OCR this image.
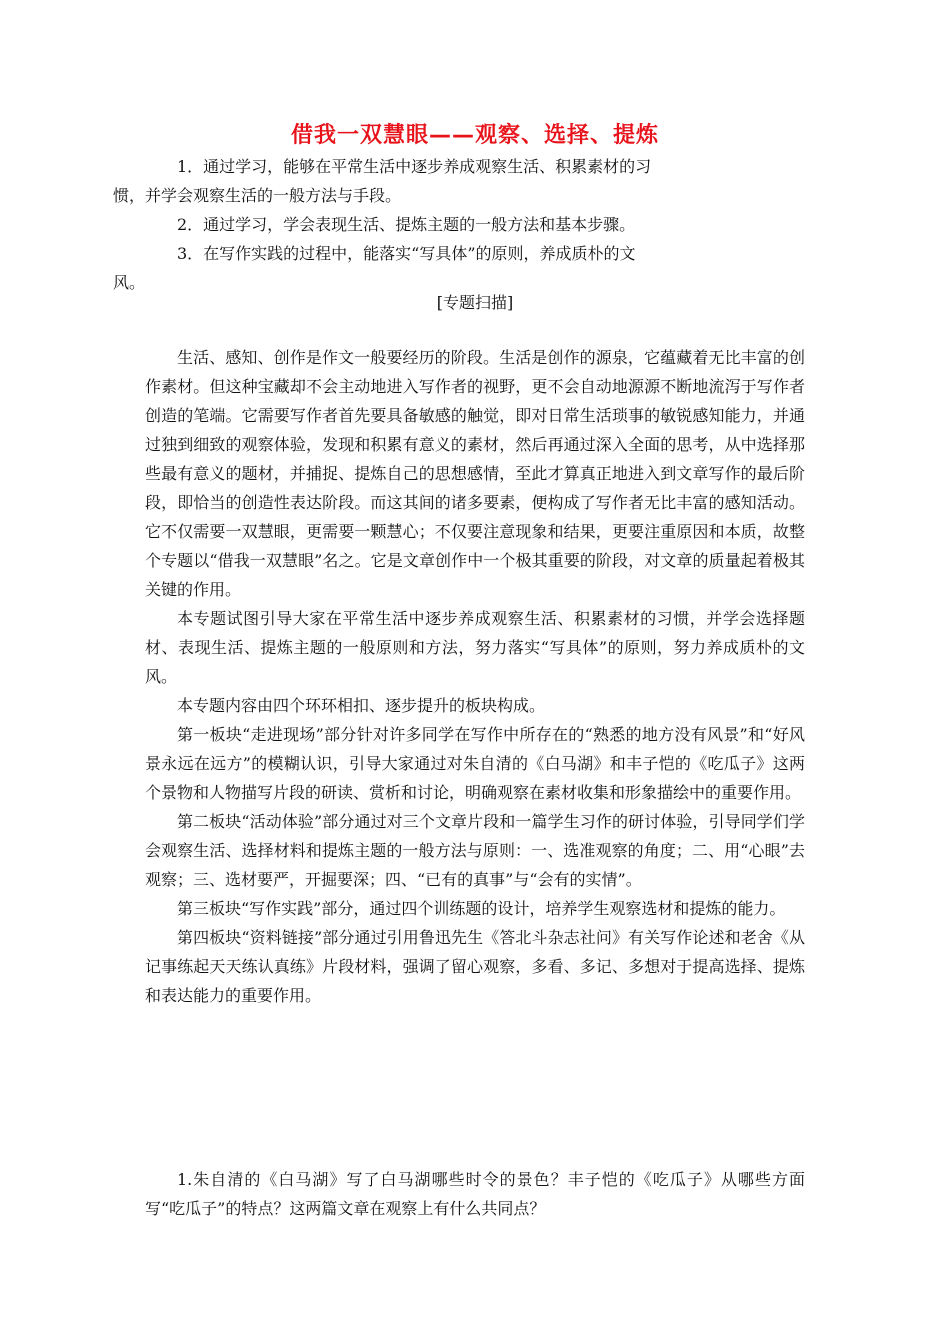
借我一双慧眼——观察、选择、提炼
1．通过学习，能够在平常生活中逐步养成观察生活、积累素材的习
惯，并学会观察生活的一般方法与手段。
2．通过学习，学会表现生活、提炼主题的一般方法和基本步骤。
3．在写作实践的过程中，能落实“写具体”的原则，养成质朴的文
风。
[专题扫描]

生活、感知、创作是作文一般要经历的阶段。生活是创作的源泉，它蕴藏着无比丰富的创作素材。但这种宝藏却不会主动地进入写作者的视野，更不会自动地源源不断地流泻于写作者创造的笔端。它需要写作者首先要具备敏感的触觉，即对日常生活琐事的敏锐感知能力，并通过独到细致的观察体验，发现和积累有意义的素材，然后再通过深入全面的思考，从中选择那些最有意义的题材，并捕捉、提炼自己的思想感情，至此才算真正地进入到文章写作的最后阶段，即恰当的创造性表达阶段。而这其间的诸多要素，便构成了写作者无比丰富的感知活动。它不仅需要一双慧眼，更需要一颗慧心；不仅要注意现象和结果，更要注重原因和本质，故整个专题以“借我一双慧眼”名之。它是文章创作中一个极其重要的阶段，对文章的质量起着极其关键的作用。

本专题试图引导大家在平常生活中逐步养成观察生活、积累素材的习惯，并学会选择题材、表现生活、提炼主题的一般原则和方法，努力落实“写具体”的原则，努力养成质朴的文风。

本专题内容由四个环环相扣、逐步提升的板块构成。

第一板块“走进现场”部分针对许多同学在写作中所存在的“熟悉的地方没有风景”和“好风景永远在远方”的模糊认识，引导大家通过对朱自清的《白马湖》和丰子恺的《吃瓜子》这两个景物和人物描写片段的研读、赏析和讨论，明确观察在素材收集和形象描绘中的重要作用。

第二板块“活动体验”部分通过对三个文章片段和一篇学生习作的研讨体验，引导同学们学会观察生活、选择材料和提炼主题的一般方法与原则：一、选准观察的角度；二、用“心眼”去观察；三、选材要严，开掘要深；四、“已有的真事”与“会有的实情”。

第三板块“写作实践”部分，通过四个训练题的设计，培养学生观察选材和提炼的能力。

第四板块“资料链接”部分通过引用鲁迅先生《答北斗杂志社问》有关写作论述和老舍《从记事练起天天练认真练》片段材料，强调了留心观察，多看、多记、多想对于提高选择、提炼和表达能力的重要作用。

1.朱自清的《白马湖》写了白马湖哪些时令的景色？丰子恺的《吃瓜子》从哪些方面写“吃瓜子”的特点？这两篇文章在观察上有什么共同点？
